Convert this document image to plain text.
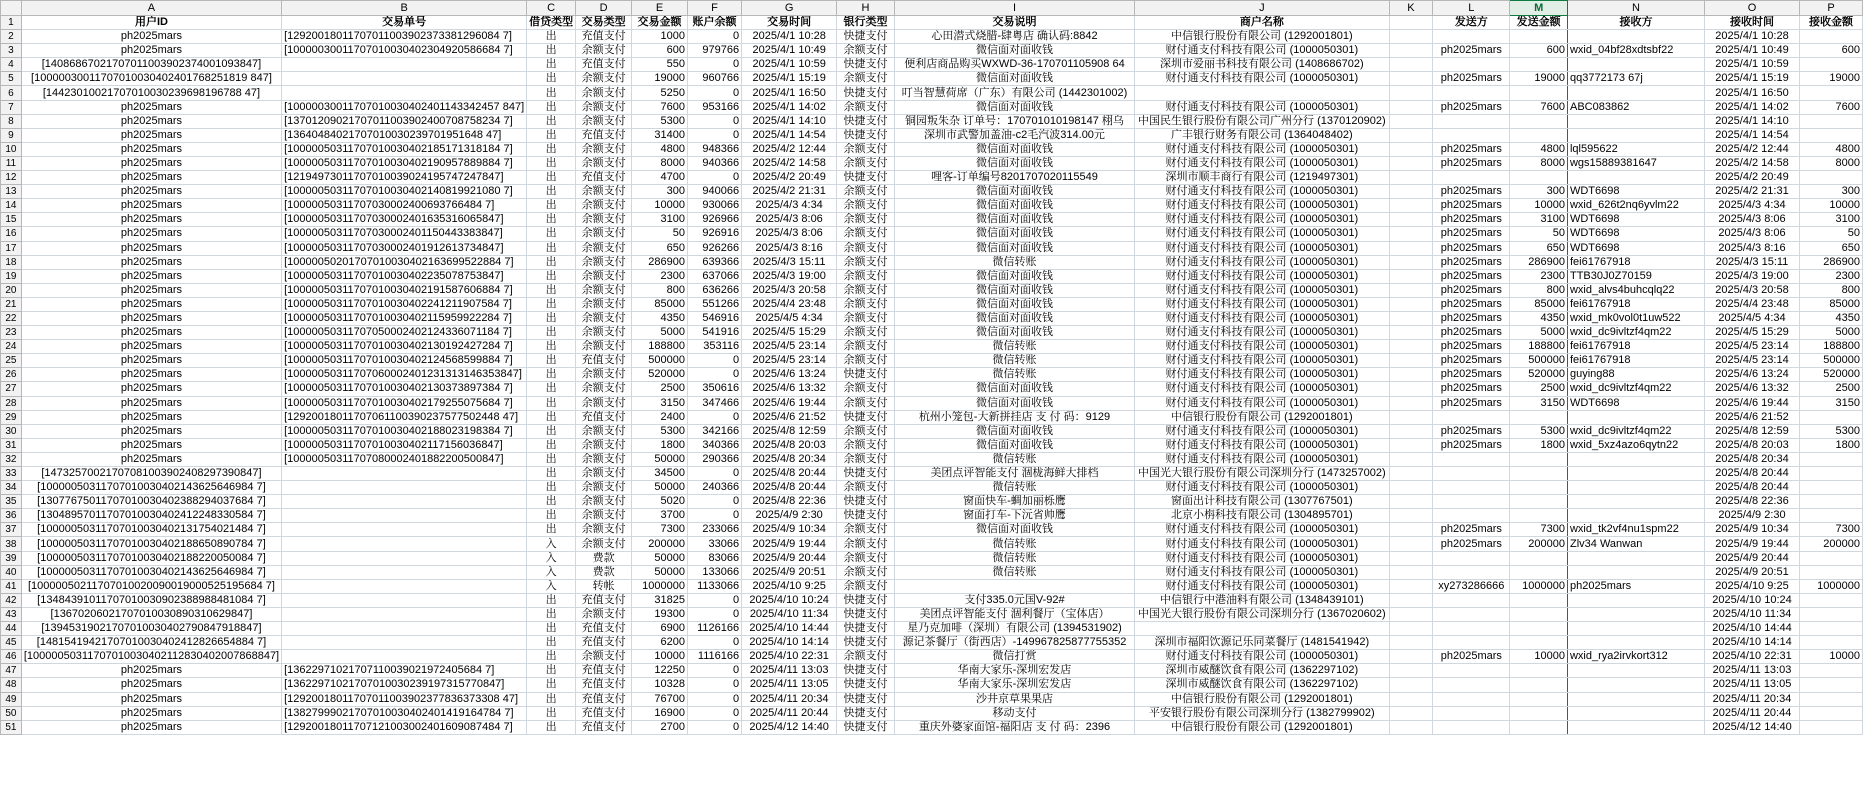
	A	B	C	D	E	F	G	H	I	J	K	L	M	N	O	P
1	用户ID	交易单号	借贷类型	交易类型	交易金额	账户余额	交易时间	银行类型	交易说明	商户名称		发送方	发送金额	接收方	接收时间	接收金额
2	ph2025mars	[12920018011707011003902373381296084 7]	出	充值支付	1000	0	2025/4/1 10:28	快捷支付	心田潜式烧腊-肆粤店 确认码:8842	中信银行股份有限公司 (1292001801)					2025/4/1 10:28	
3	ph2025mars	[10000030011707010030402304920586684 7]	出	余额支付	600	979766	2025/4/1 10:49	余额支付	微信面对面收钱	财付通支付科技有限公司 (1000050301)		ph2025mars	600	wxid_04bf28xdtsbf22	2025/4/1 10:49	600
4	[14086867021707011003902374001093847]		出	充值支付	550	0	2025/4/1 10:59	快捷支付	便利店商品购买WXWD-36-170701105908 64	深圳市爱丽书科技有限公司 (1408686702)					2025/4/1 10:59	
5	[10000030011707010030402401768251819 847]		出	余额支付	19000	960766	2025/4/1 15:19	余额支付	微信面对面收钱	财付通支付科技有限公司 (1000050301)		ph2025mars	19000	qq3772173 67j	2025/4/1 15:19	19000
6	[14423010021707010030239698196788 47]		出	余额支付	5250	0	2025/4/1 16:50	快捷支付	叮当智慧荷席（广东）有限公司 (1442301002)						2025/4/1 16:50	
7	ph2025mars	[10000030011707010030402401143342457 847]	出	余额支付	7600	953166	2025/4/1 14:02	余额支付	微信面对面收钱	财付通支付科技有限公司 (1000050301)		ph2025mars	7600	ABC083862	2025/4/1 14:02	7600
8	ph2025mars	[13701209021707011003902400708758234 7]	出	余额支付	5300	0	2025/4/1 14:10	快捷支付	铜园叛朱杂 订单号：170701010198147 栩乌	中国民生银行股份有限公司广州分行 (1370120902)					2025/4/1 14:10	
9	ph2025mars	[13640484021707010030239701951648 47]	出	充值支付	31400	0	2025/4/1 14:54	快捷支付	深圳市武警加盖油-c2毛汽波314.00元	广丰银行财务有限公司 (1364048402)					2025/4/1 14:54	
10	ph2025mars	[10000050311707010030402185171318184 7]	出	余额支付	4800	948366	2025/4/2 12:44	余额支付	微信面对面收钱	财付通支付科技有限公司 (1000050301)		ph2025mars	4800	lql595622	2025/4/2 12:44	4800
11	ph2025mars	[10000050311707010030402190957889884 7]	出	余额支付	8000	940366	2025/4/2 14:58	余额支付	微信面对面收钱	财付通支付科技有限公司 (1000050301)		ph2025mars	8000	wgs15889381647	2025/4/2 14:58	8000
12	ph2025mars	[12194973011707010039024195747247847]	出	充值支付	4700	0	2025/4/2 20:49	快捷支付	哩客-订单编号8201707020115549	深圳市顺丰商行有限公司 (1219497301)					2025/4/2 20:49	
13	ph2025mars	[10000050311707010030402140819921080 7]	出	余额支付	300	940066	2025/4/2 21:31	余额支付	微信面对面收钱	财付通支付科技有限公司 (1000050301)		ph2025mars	300	WDT6698	2025/4/2 21:31	300
14	ph2025mars	[10000050311707030002400693766484 7]	出	余额支付	10000	930066	2025/4/3 4:34	余额支付	微信面对面收钱	财付通支付科技有限公司 (1000050301)		ph2025mars	10000	wxid_626t2nq6yvlm22	2025/4/3 4:34	10000
15	ph2025mars	[10000050311707030002401635316065847]	出	余额支付	3100	926966	2025/4/3 8:06	余额支付	微信面对面收钱	财付通支付科技有限公司 (1000050301)		ph2025mars	3100	WDT6698	2025/4/3 8:06	3100
16	ph2025mars	[10000050311707030002401150443383847]	出	余额支付	50	926916	2025/4/3 8:06	余额支付	微信面对面收钱	财付通支付科技有限公司 (1000050301)		ph2025mars	50	WDT6698	2025/4/3 8:06	50
17	ph2025mars	[10000050311707030002401912613734847]	出	余额支付	650	926266	2025/4/3 8:16	余额支付	微信面对面收钱	财付通支付科技有限公司 (1000050301)		ph2025mars	650	WDT6698	2025/4/3 8:16	650
18	ph2025mars	[10000050201707010030402163699522884 7]	出	余额支付	286900	639366	2025/4/3 15:11	余额支付	微信转账	财付通支付科技有限公司 (1000050301)		ph2025mars	286900	fei61767918	2025/4/3 15:11	286900
19	ph2025mars	[10000050311707010030402235078753847]	出	余额支付	2300	637066	2025/4/3 19:00	余额支付	微信面对面收钱	财付通支付科技有限公司 (1000050301)		ph2025mars	2300	TTB30J0Z70159	2025/4/3 19:00	2300
20	ph2025mars	[10000050311707010030402191587606884 7]	出	余额支付	800	636266	2025/4/3 20:58	余额支付	微信面对面收钱	财付通支付科技有限公司 (1000050301)		ph2025mars	800	wxid_alvs4buhcqlq22	2025/4/3 20:58	800
21	ph2025mars	[10000050311707010030402241211907584 7]	出	余额支付	85000	551266	2025/4/4 23:48	余额支付	微信面对面收钱	财付通支付科技有限公司 (1000050301)		ph2025mars	85000	fei61767918	2025/4/4 23:48	85000
22	ph2025mars	[10000050311707010030402115959922284 7]	出	余额支付	4350	546916	2025/4/5 4:34	余额支付	微信面对面收钱	财付通支付科技有限公司 (1000050301)		ph2025mars	4350	wxid_mk0vol0t1uw522	2025/4/5 4:34	4350
23	ph2025mars	[10000050311707050002402124336071184 7]	出	余额支付	5000	541916	2025/4/5 15:29	余额支付	微信面对面收钱	财付通支付科技有限公司 (1000050301)		ph2025mars	5000	wxid_dc9ivltzf4qm22	2025/4/5 15:29	5000
24	ph2025mars	[10000050311707010030402130192427284 7]	出	余额支付	188800	353116	2025/4/5 23:14	余额支付	微信转账	财付通支付科技有限公司 (1000050301)		ph2025mars	188800	fei61767918	2025/4/5 23:14	188800
25	ph2025mars	[10000050311707010030402124568599884 7]	出	充值支付	500000	0	2025/4/5 23:14	余额支付	微信转账	财付通支付科技有限公司 (1000050301)		ph2025mars	500000	fei61767918	2025/4/5 23:14	500000
26	ph2025mars	[10000050311707060002401231313146353847]	出	余额支付	520000	0	2025/4/6 13:24	快捷支付	微信转账	财付通支付科技有限公司 (1000050301)		ph2025mars	520000	guying88	2025/4/6 13:24	520000
27	ph2025mars	[10000050311707010030402130373897384 7]	出	余额支付	2500	350616	2025/4/6 13:32	余额支付	微信面对面收钱	财付通支付科技有限公司 (1000050301)		ph2025mars	2500	wxid_dc9ivltzf4qm22	2025/4/6 13:32	2500
28	ph2025mars	[10000050311707010030402179255075684 7]	出	余额支付	3150	347466	2025/4/6 19:44	余额支付	微信面对面收钱	财付通支付科技有限公司 (1000050301)		ph2025mars	3150	WDT6698	2025/4/6 19:44	3150
29	ph2025mars	[12920018011707061100390237577502448 47]	出	充值支付	2400	0	2025/4/6 21:52	快捷支付	杭州小笼包-大新拼挂店 支 付 码：9129	中信银行股份有限公司 (1292001801)					2025/4/6 21:52	
30	ph2025mars	[10000050311707010030402188023198384 7]	出	余额支付	5300	342166	2025/4/8 12:59	余额支付	微信面对面收钱	财付通支付科技有限公司 (1000050301)		ph2025mars	5300	wxid_dc9ivltzf4qm22	2025/4/8 12:59	5300
31	ph2025mars	[10000050311707010030402117156036847]	出	余额支付	1800	340366	2025/4/8 20:03	余额支付	微信面对面收钱	财付通支付科技有限公司 (1000050301)		ph2025mars	1800	wxid_5xz4azo6qytn22	2025/4/8 20:03	1800
32	ph2025mars	[10000050311707080002401882200500847]	出	余额支付	50000	290366	2025/4/8 20:34	余额支付	微信转账	财付通支付科技有限公司 (1000050301)					2025/4/8 20:34	
33	[14732570021707081003902408297390847]		出	余额支付	34500	0	2025/4/8 20:44	快捷支付	美团点评智能支付 涸栊海鲜大排档	中国光大银行股份有限公司深圳分行 (1473257002)					2025/4/8 20:44	
34	[10000050311707010030402143625646984 7]		出	余额支付	50000	240366	2025/4/8 20:44	余额支付	微信转账	财付通支付科技有限公司 (1000050301)					2025/4/8 20:44	
35	[13077675011707010030402388294037684 7]		出	余额支付	5020	0	2025/4/8 22:36	快捷支付	窗面快车-蜩加丽栎鹰	窗面出计科技有限公司 (1307767501)					2025/4/8 22:36	
36	[13048957011707010030402412248330584 7]		出	余额支付	3700	0	2025/4/9 2:30	快捷支付	窗面打车-下沅省帅鹰	北京小栴科技有限公司 (1304895701)					2025/4/9 2:30	
37	[10000050311707010030402131754021484 7]		出	余额支付	7300	233066	2025/4/9 10:34	余额支付	微信面对面收钱	财付通支付科技有限公司 (1000050301)		ph2025mars	7300	wxid_tk2vf4nu1spm22	2025/4/9 10:34	7300
38	[10000050311707010030402188650890784 7]		入	余额支付	200000	33066	2025/4/9 19:44	余额支付	微信转账	财付通支付科技有限公司 (1000050301)		ph2025mars	200000	Zlv34 Wanwan	2025/4/9 19:44	200000
39	[10000050311707010030402188220050084 7]		入	费款	50000	83066	2025/4/9 20:44	余额支付	微信转账	财付通支付科技有限公司 (1000050301)					2025/4/9 20:44	
40	[10000050311707010030402143625646984 7]		入	费款	50000	133066	2025/4/9 20:51	余额支付	微信转账	财付通支付科技有限公司 (1000050301)					2025/4/9 20:51	
41	[10000050211707010020090019000525195684 7]		入	转帐	1000000	1133066	2025/4/10 9:25	余额支付		财付通支付科技有限公司 (1000050301)		xy273286666	1000000	ph2025mars	2025/4/10 9:25	1000000
42	[13484391011707010030902388988481084 7]		出	充值支付	31825	0	2025/4/10 10:24	快捷支付	支付335.0元国V-92#	中信银行中港油料有限公司 (1348439101)					2025/4/10 10:24	
43	[13670206021707010030890310629847]		出	余额支付	19300	0	2025/4/10 11:34	快捷支付	美团点评智能支付 涸利餐厅（宝体店）	中国光大银行股份有限公司深圳分行 (1367020602)					2025/4/10 11:34	
44	[13945319021707010030402790847918847]		出	充值支付	6900	1126166	2025/4/10 14:44	快捷支付	星乃克加啡（深圳）有限公司 (1394531902)						2025/4/10 14:44	
45	[14815419421707010030402412826654884 7]		出	充值支付	6200	0	2025/4/10 14:14	快捷支付	源记茶餐厅（街西店）-149967825877755352	深圳市福阳饮源记乐同菜餐厅 (1481541942)					2025/4/10 14:14	
46	[10000050311707010030402112830402007868847]		出	余额支付	10000	1116166	2025/4/10 22:31	余额支付	微信打赏	财付通支付科技有限公司 (1000050301)		ph2025mars	10000	wxid_rya2irvkort312	2025/4/10 22:31	10000
47	ph2025mars	[13622971021707110039021972405684 7]	出	充值支付	12250	0	2025/4/11 13:03	快捷支付	华南大家乐-深圳宏发店	深圳市威醚饮食有限公司 (1362297102)					2025/4/11 13:03	
48	ph2025mars	[13622971021707010030239197315770847]	出	充值支付	10328	0	2025/4/11 13:05	快捷支付	华南大家乐-深圳宏发店	深圳市威醚饮食有限公司 (1362297102)					2025/4/11 13:05	
49	ph2025mars	[12920018011707011003902377836373308 47]	出	充值支付	76700	0	2025/4/11 20:34	快捷支付	沙井京草果果店	中信银行股份有限公司 (1292001801)					2025/4/11 20:34	
50	ph2025mars	[13827999021707010030402401419164784 7]	出	充值支付	16900	0	2025/4/11 20:44	快捷支付	移动支付	平安银行股份有限公司深圳分行 (1382799902)					2025/4/11 20:44	
51	ph2025mars	[12920018011707121003002401609087484 7]	出	充值支付	2700	0	2025/4/12 14:40	快捷支付	重庆外婆家面馆-福阳店 支 付 码：2396	中信银行股份有限公司 (1292001801)					2025/4/12 14:40	
